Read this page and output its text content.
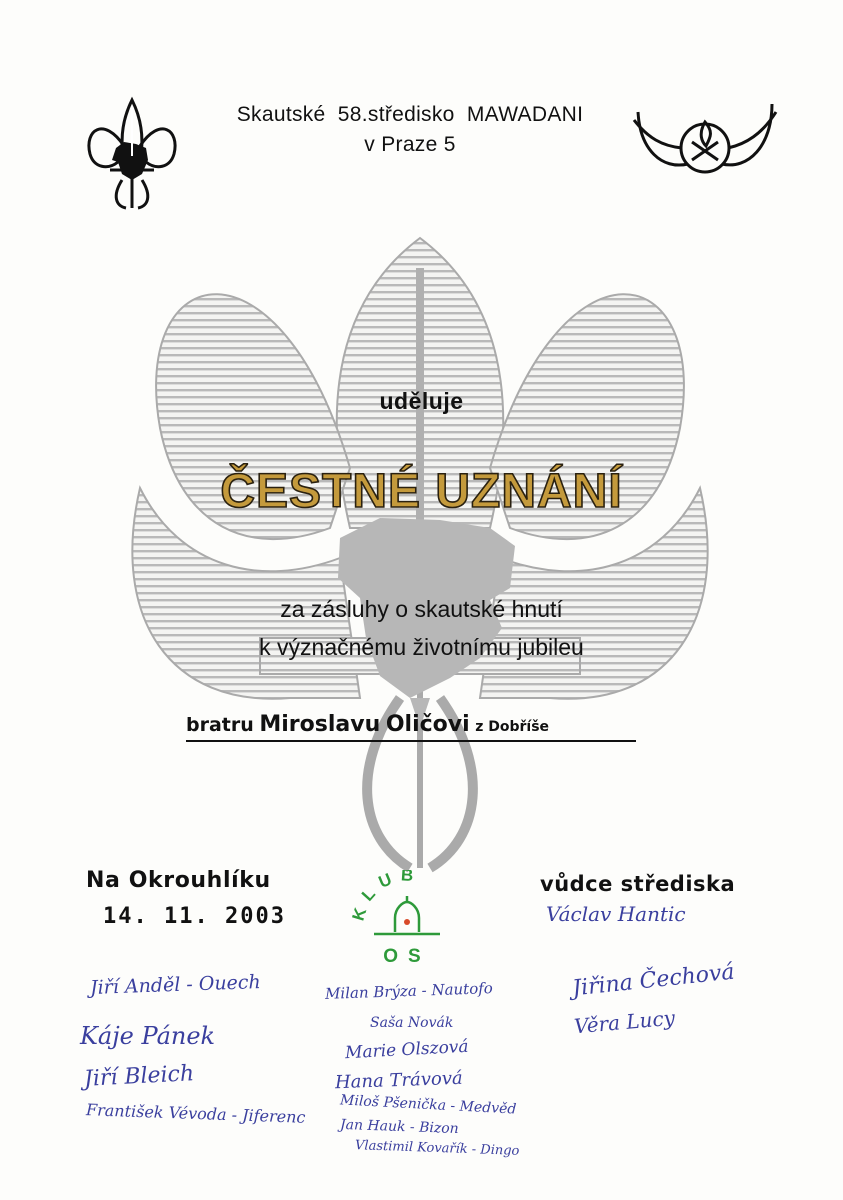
Skautské  58.středisko  MAWADANI
v Praze 5
uděluje
ČESTNÉ UZNÁNÍ
za zásluhy o skautské hnutí
k význačnému životnímu jubileu
bratru Miroslavu Oličovi z Dobříše
Na Okrouhlíku
14. 11. 2003
vůdce střediska
LUB
OS
Václav Hantic
Jiří Anděl - Ouech
Káje Pánek
Jiří Bleich
František Vévoda - Jiferenc
Milan Brýza - Nautofo
Saša Novák
Marie Olszová
Hana Trávová
Miloš Pšenička - Medvěd
Jan Hauk - Bizon
Vlastimil Kovařík - Dingo
Jiřina Čechová
Věra Lucy
